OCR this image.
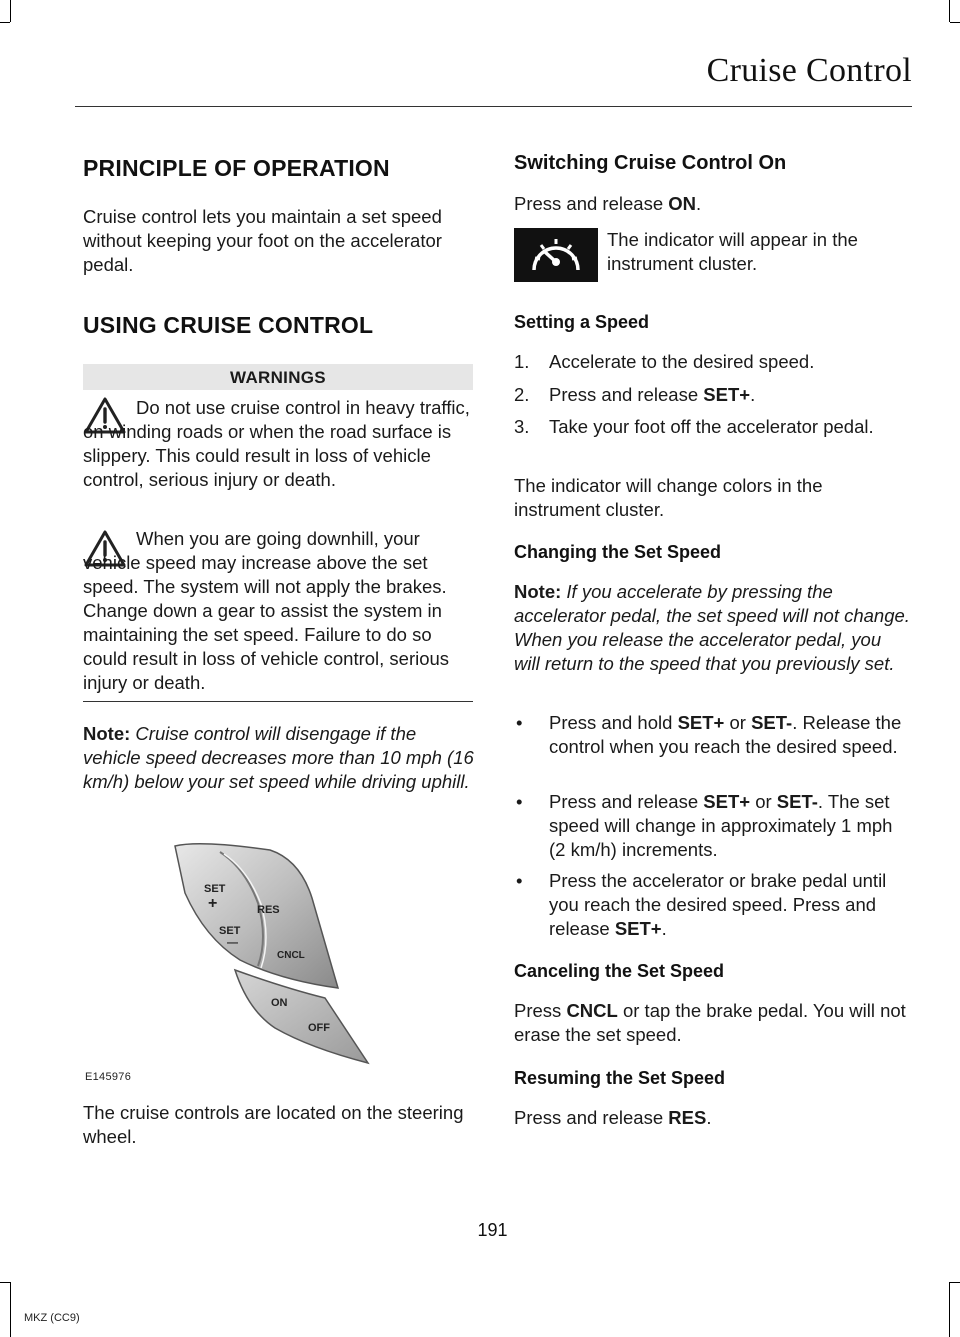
Cruise Control
PRINCIPLE OF OPERATION
Cruise control lets you maintain a set speed without keeping your foot on the accelerator pedal.
USING CRUISE CONTROL
WARNINGS
Do not use cruise control in heavy traffic, on winding roads or when the road surface is slippery. This could result in loss of vehicle control, serious injury or death.
When you are going downhill, your vehicle speed may increase above the set speed. The system will not apply the brakes. Change down a gear to assist the system in maintaining the set speed. Failure to do so could result in loss of vehicle control, serious injury or death.
Note: Cruise control will disengage if the vehicle speed decreases more than 10 mph (16 km/h) below your set speed while driving uphill.
SET
+
SET
—
RES
CNCL
ON
OFF
E145976
The cruise controls are located on the steering wheel.
Switching Cruise Control On
Press and release ON.
The indicator will appear in the instrument cluster.
Setting a Speed
1. Accelerate to the desired speed.
2. Press and release SET+.
3. Take your foot off the accelerator pedal.
The indicator will change colors in the instrument cluster.
Changing the Set Speed
Note: If you accelerate by pressing the accelerator pedal, the set speed will not change. When you release the accelerator pedal, you will return to the speed that you previously set.
• Press and hold SET+ or SET-. Release the control when you reach the desired speed.
• Press and release SET+ or SET-. The set speed will change in approximately 1 mph (2 km/h) increments.
• Press the accelerator or brake pedal until you reach the desired speed. Press and release SET+.
Canceling the Set Speed
Press CNCL or tap the brake pedal. You will not erase the set speed.
Resuming the Set Speed
Press and release RES.
191
MKZ (CC9)
